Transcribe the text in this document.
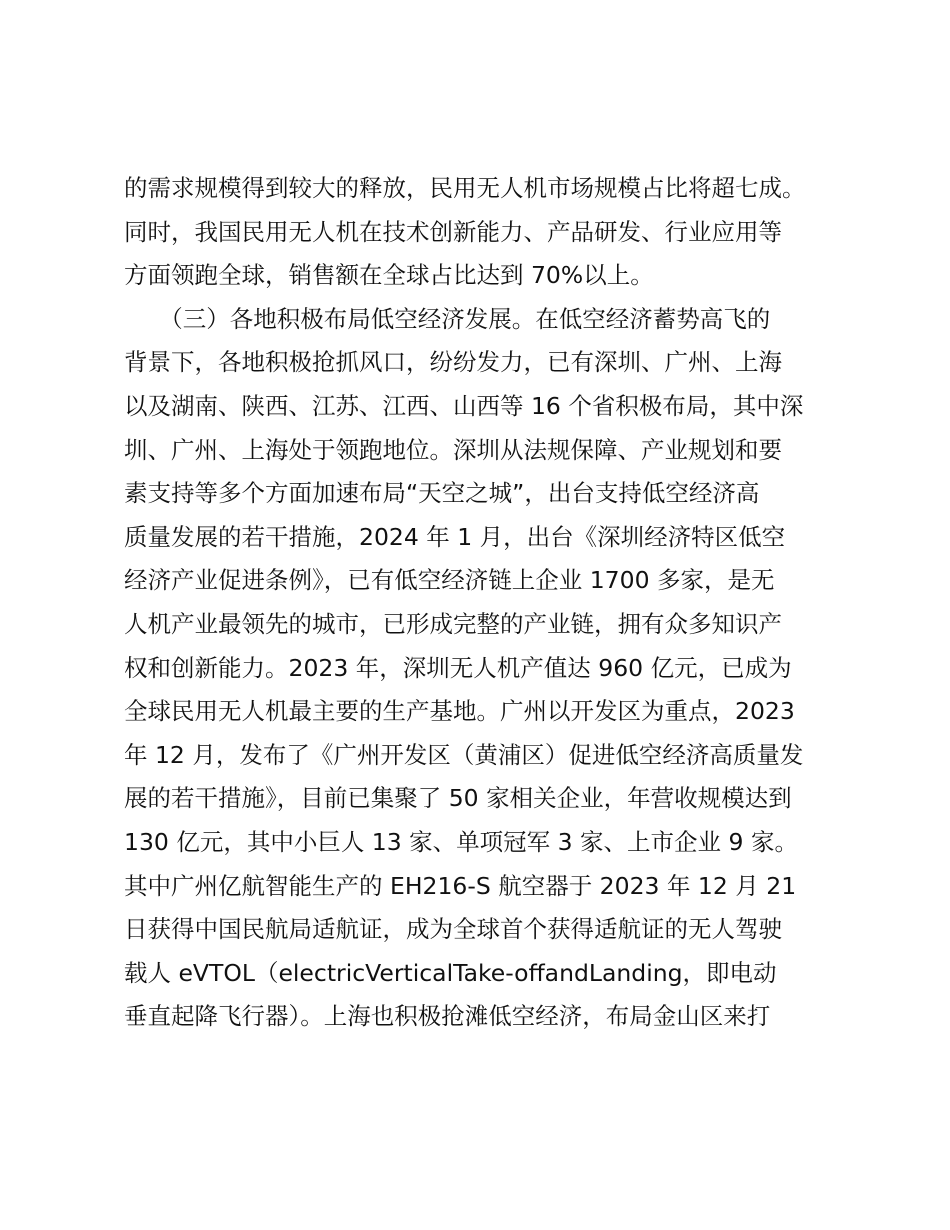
的需求规模得到较大的释放，民用无人机市场规模占比将超七成。
同时，我国民用无人机在技术创新能力、产品研发、行业应用等
方面领跑全球，销售额在全球占比达到 70%以上。
　　（三）各地积极布局低空经济发展。在低空经济蓄势高飞的
背景下，各地积极抢抓风口，纷纷发力，已有深圳、广州、上海
以及湖南、陕西、江苏、江西、山西等 16 个省积极布局，其中深
圳、广州、上海处于领跑地位。深圳从法规保障、产业规划和要
素支持等多个方面加速布局“天空之城”，出台支持低空经济高
质量发展的若干措施，2024 年 1 月，出台《深圳经济特区低空
经济产业促进条例》，已有低空经济链上企业 1700 多家，是无
人机产业最领先的城市，已形成完整的产业链，拥有众多知识产
权和创新能力。2023 年，深圳无人机产值达 960 亿元，已成为
全球民用无人机最主要的生产基地。广州以开发区为重点，2023
年 12 月，发布了《广州开发区（黄浦区）促进低空经济高质量发
展的若干措施》，目前已集聚了 50 家相关企业，年营收规模达到
130 亿元，其中小巨人 13 家、单项冠军 3 家、上市企业 9 家。
其中广州亿航智能生产的 EH216-S 航空器于 2023 年 12 月 21
日获得中国民航局适航证，成为全球首个获得适航证的无人驾驶
载人 eVTOL（electricVerticalTake-offandLanding，即电动
垂直起降飞行器）。上海也积极抢滩低空经济，布局金山区来打
